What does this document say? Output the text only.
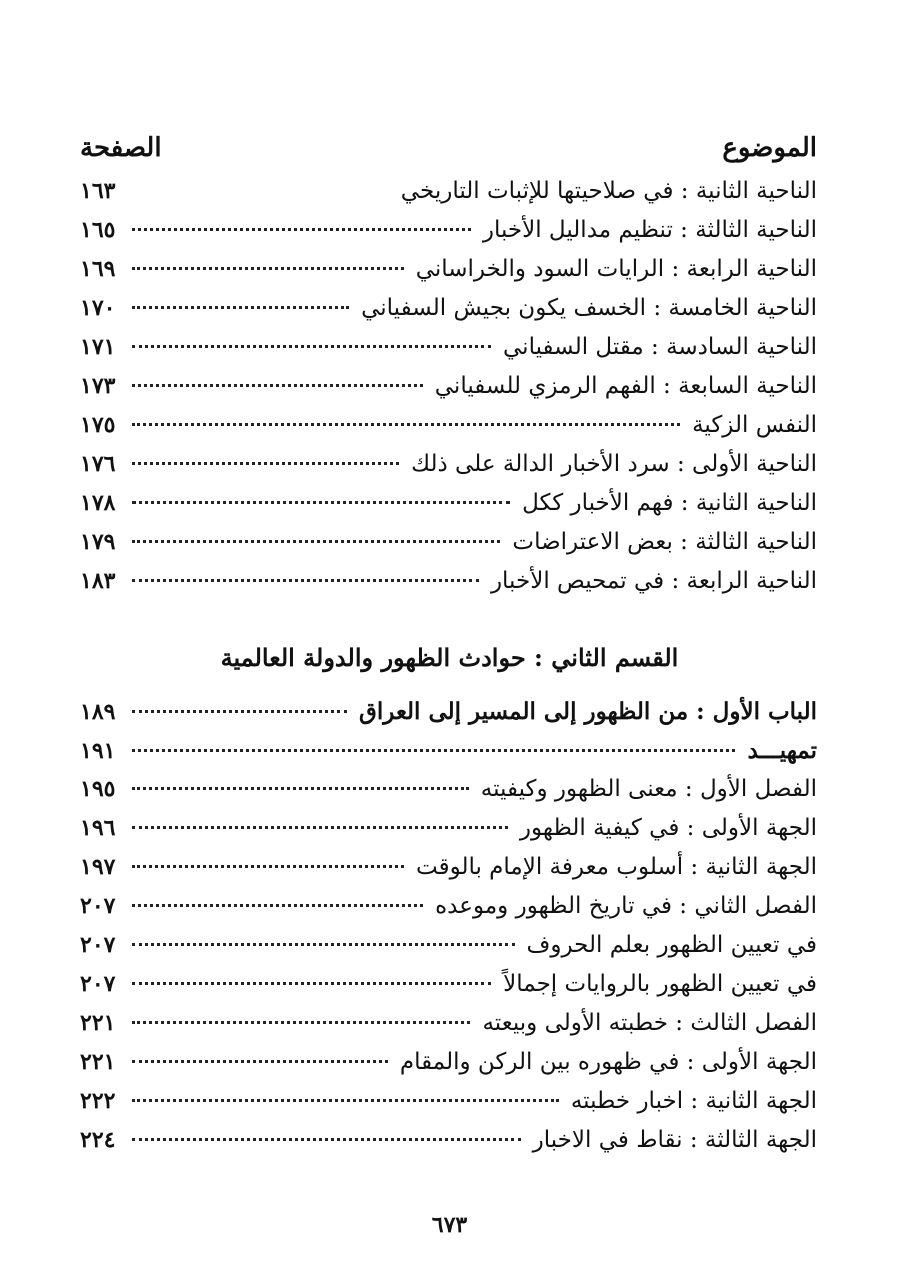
الموضوع
الصفحة
الناحية الثانية : في صلاحيتها للإثبات التاريخي
١٦٣
الناحية الثالثة : تنظيم مداليل الأخبار
١٦٥
الناحية الرابعة : الرايات السود والخراساني
١٦٩
الناحية الخامسة : الخسف يكون بجيش السفياني
١٧٠
الناحية السادسة : مقتل السفياني
١٧١
الناحية السابعة : الفهم الرمزي للسفياني
١٧٣
النفس الزكية
١٧٥
الناحية الأولى : سرد الأخبار الدالة على ذلك
١٧٦
الناحية الثانية : فهم الأخبار ككل
١٧٨
الناحية الثالثة : بعض الاعتراضات
١٧٩
الناحية الرابعة : في تمحيص الأخبار
١٨٣
القسم الثاني : حوادث الظهور والدولة العالمية
الباب الأول : من الظهور إلى المسير إلى العراق
١٨٩
تمهيـــد
١٩١
الفصل الأول : معنى الظهور وكيفيته
١٩٥
الجهة الأولى : في كيفية الظهور
١٩٦
الجهة الثانية : أسلوب معرفة الإمام بالوقت
١٩٧
الفصل الثاني : في تاريخ الظهور وموعده
٢٠٧
في تعيين الظهور بعلم الحروف
٢٠٧
في تعيين الظهور بالروايات إجمالاً
٢٠٧
الفصل الثالث : خطبته الأولى وبيعته
٢٢١
الجهة الأولى : في ظهوره بين الركن والمقام
٢٢١
الجهة الثانية : اخبار خطبته
٢٢٢
الجهة الثالثة : نقاط في الاخبار
٢٢٤
٦٧٣
